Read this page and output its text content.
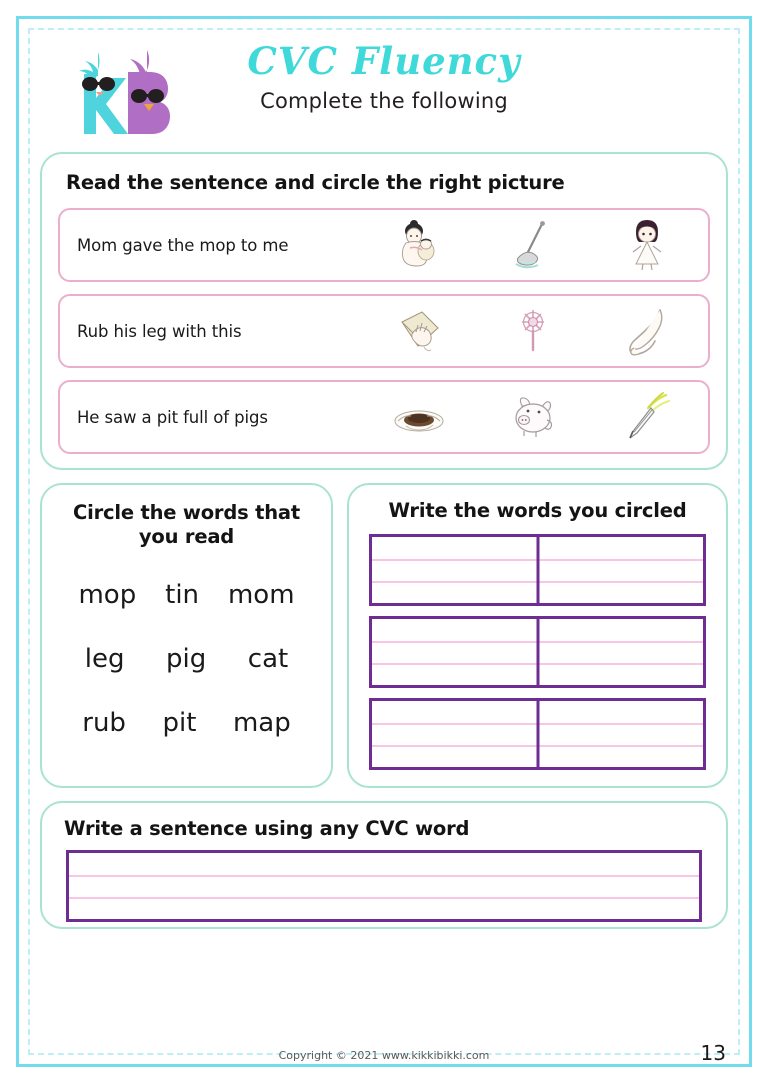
CVC Fluency
Complete the following
Read the sentence and circle the right picture
Mom gave the mop to me
Rub his leg with this
He saw a pit full of pigs
Circle the words that you read
mop tin mom
leg pig cat
rub pit map
Write the words you circled
Write a sentence using any CVC word
Copyright © 2021 www.kikkibikki.com	13
